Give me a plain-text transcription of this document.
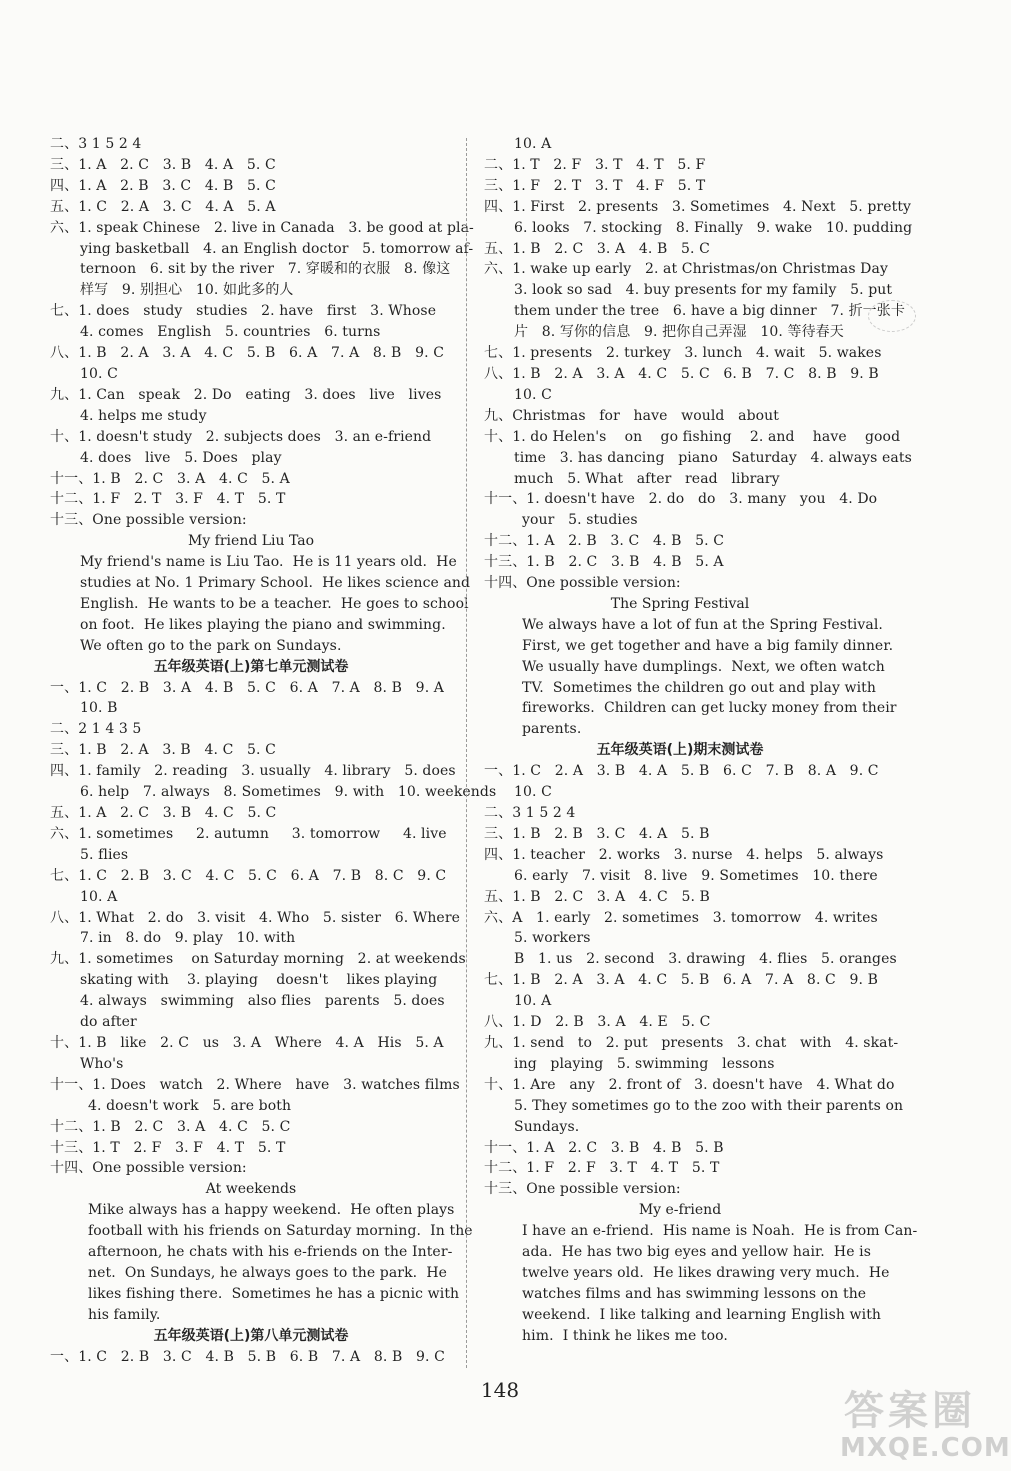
二、3 1 5 2 4
三、1. A   2. C   3. B   4. A   5. C
四、1. A   2. B   3. C   4. B   5. C
五、1. C   2. A   3. C   4. A   5. A
六、1. speak Chinese   2. live in Canada   3. be good at pla-
ying basketball   4. an English doctor   5. tomorrow af-
ternoon   6. sit by the river   7. 穿暖和的衣服   8. 像这
样写   9. 别担心   10. 如此多的人
七、1. does   study   studies   2. have   first   3. Whose
4. comes   English   5. countries   6. turns
八、1. B   2. A   3. A   4. C   5. B   6. A   7. A   8. B   9. C
10. C
九、1. Can   speak   2. Do   eating   3. does   live   lives
4. helps me study
十、1. doesn't study   2. subjects does   3. an e-friend
4. does   live   5. Does   play
十一、1. B   2. C   3. A   4. C   5. A
十二、1. F   2. T   3. F   4. T   5. T
十三、One possible version:
My friend Liu Tao
My friend's name is Liu Tao.  He is 11 years old.  He
studies at No. 1 Primary School.  He likes science and
English.  He wants to be a teacher.  He goes to school
on foot.  He likes playing the piano and swimming.
We often go to the park on Sundays.
五年级英语(上)第七单元测试卷
一、1. C   2. B   3. A   4. B   5. C   6. A   7. A   8. B   9. A
10. B
二、2 1 4 3 5
三、1. B   2. A   3. B   4. C   5. C
四、1. family   2. reading   3. usually   4. library   5. does
6. help   7. always   8. Sometimes   9. with   10. weekends
五、1. A   2. C   3. B   4. C   5. C
六、1. sometimes     2. autumn     3. tomorrow     4. live
5. flies
七、1. C   2. B   3. C   4. C   5. C   6. A   7. B   8. C   9. C
10. A
八、1. What   2. do   3. visit   4. Who   5. sister   6. Where
7. in   8. do   9. play   10. with
九、1. sometimes    on Saturday morning   2. at weekends
skating with    3. playing    doesn't    likes playing
4. always   swimming   also flies   parents   5. does
do after
十、1. B   like   2. C   us   3. A   Where   4. A   His   5. A
Who's
十一、1. Does   watch   2. Where   have   3. watches films
4. doesn't work   5. are both
十二、1. B   2. C   3. A   4. C   5. C
十三、1. T   2. F   3. F   4. T   5. T
十四、One possible version:
At weekends
Mike always has a happy weekend.  He often plays
football with his friends on Saturday morning.  In the
afternoon, he chats with his e-friends on the Inter-
net.  On Sundays, he always goes to the park.  He
likes fishing there.  Sometimes he has a picnic with
his family.
五年级英语(上)第八单元测试卷
一、1. C   2. B   3. C   4. B   5. B   6. B   7. A   8. B   9. C
10. A
二、1. T   2. F   3. T   4. T   5. F
三、1. F   2. T   3. T   4. F   5. T
四、1. First   2. presents   3. Sometimes   4. Next   5. pretty
6. looks   7. stocking   8. Finally   9. wake   10. pudding
五、1. B   2. C   3. A   4. B   5. C
六、1. wake up early   2. at Christmas/on Christmas Day
3. look so sad   4. buy presents for my family   5. put
them under the tree   6. have a big dinner   7. 折一张卡
片   8. 写你的信息   9. 把你自己弄湿   10. 等待春天
七、1. presents   2. turkey   3. lunch   4. wait   5. wakes
八、1. B   2. A   3. A   4. C   5. C   6. B   7. C   8. B   9. B
10. C
九、Christmas   for   have   would   about
十、1. do Helen's    on    go fishing    2. and    have    good
time   3. has dancing   piano   Saturday   4. always eats
much   5. What   after   read   library
十一、1. doesn't have   2. do   do   3. many   you   4. Do
your   5. studies
十二、1. A   2. B   3. C   4. B   5. C
十三、1. B   2. C   3. B   4. B   5. A
十四、One possible version:
The Spring Festival
We always have a lot of fun at the Spring Festival.
First, we get together and have a big family dinner.
We usually have dumplings.  Next, we often watch
TV.  Sometimes the children go out and play with
fireworks.  Children can get lucky money from their
parents.
五年级英语(上)期末测试卷
一、1. C   2. A   3. B   4. A   5. B   6. C   7. B   8. A   9. C
10. C
二、3 1 5 2 4
三、1. B   2. B   3. C   4. A   5. B
四、1. teacher   2. works   3. nurse   4. helps   5. always
6. early   7. visit   8. live   9. Sometimes   10. there
五、1. B   2. C   3. A   4. C   5. B
六、A   1. early   2. sometimes   3. tomorrow   4. writes
5. workers
B   1. us   2. second   3. drawing   4. flies   5. oranges
七、1. B   2. A   3. A   4. C   5. B   6. A   7. A   8. C   9. B
10. A
八、1. D   2. B   3. A   4. E   5. C
九、1. send   to   2. put   presents   3. chat   with   4. skat-
ing   playing   5. swimming   lessons
十、1. Are   any   2. front of   3. doesn't have   4. What do
5. They sometimes go to the zoo with their parents on
Sundays.
十一、1. A   2. C   3. B   4. B   5. B
十二、1. F   2. F   3. T   4. T   5. T
十三、One possible version:
My e-friend
I have an e-friend.  His name is Noah.  He is from Can-
ada.  He has two big eyes and yellow hair.  He is
twelve years old.  He likes drawing very much.  He
watches films and has swimming lessons on the
weekend.  I like talking and learning English with
him.  I think he likes me too.
148	答案圈
MXQE.COM
